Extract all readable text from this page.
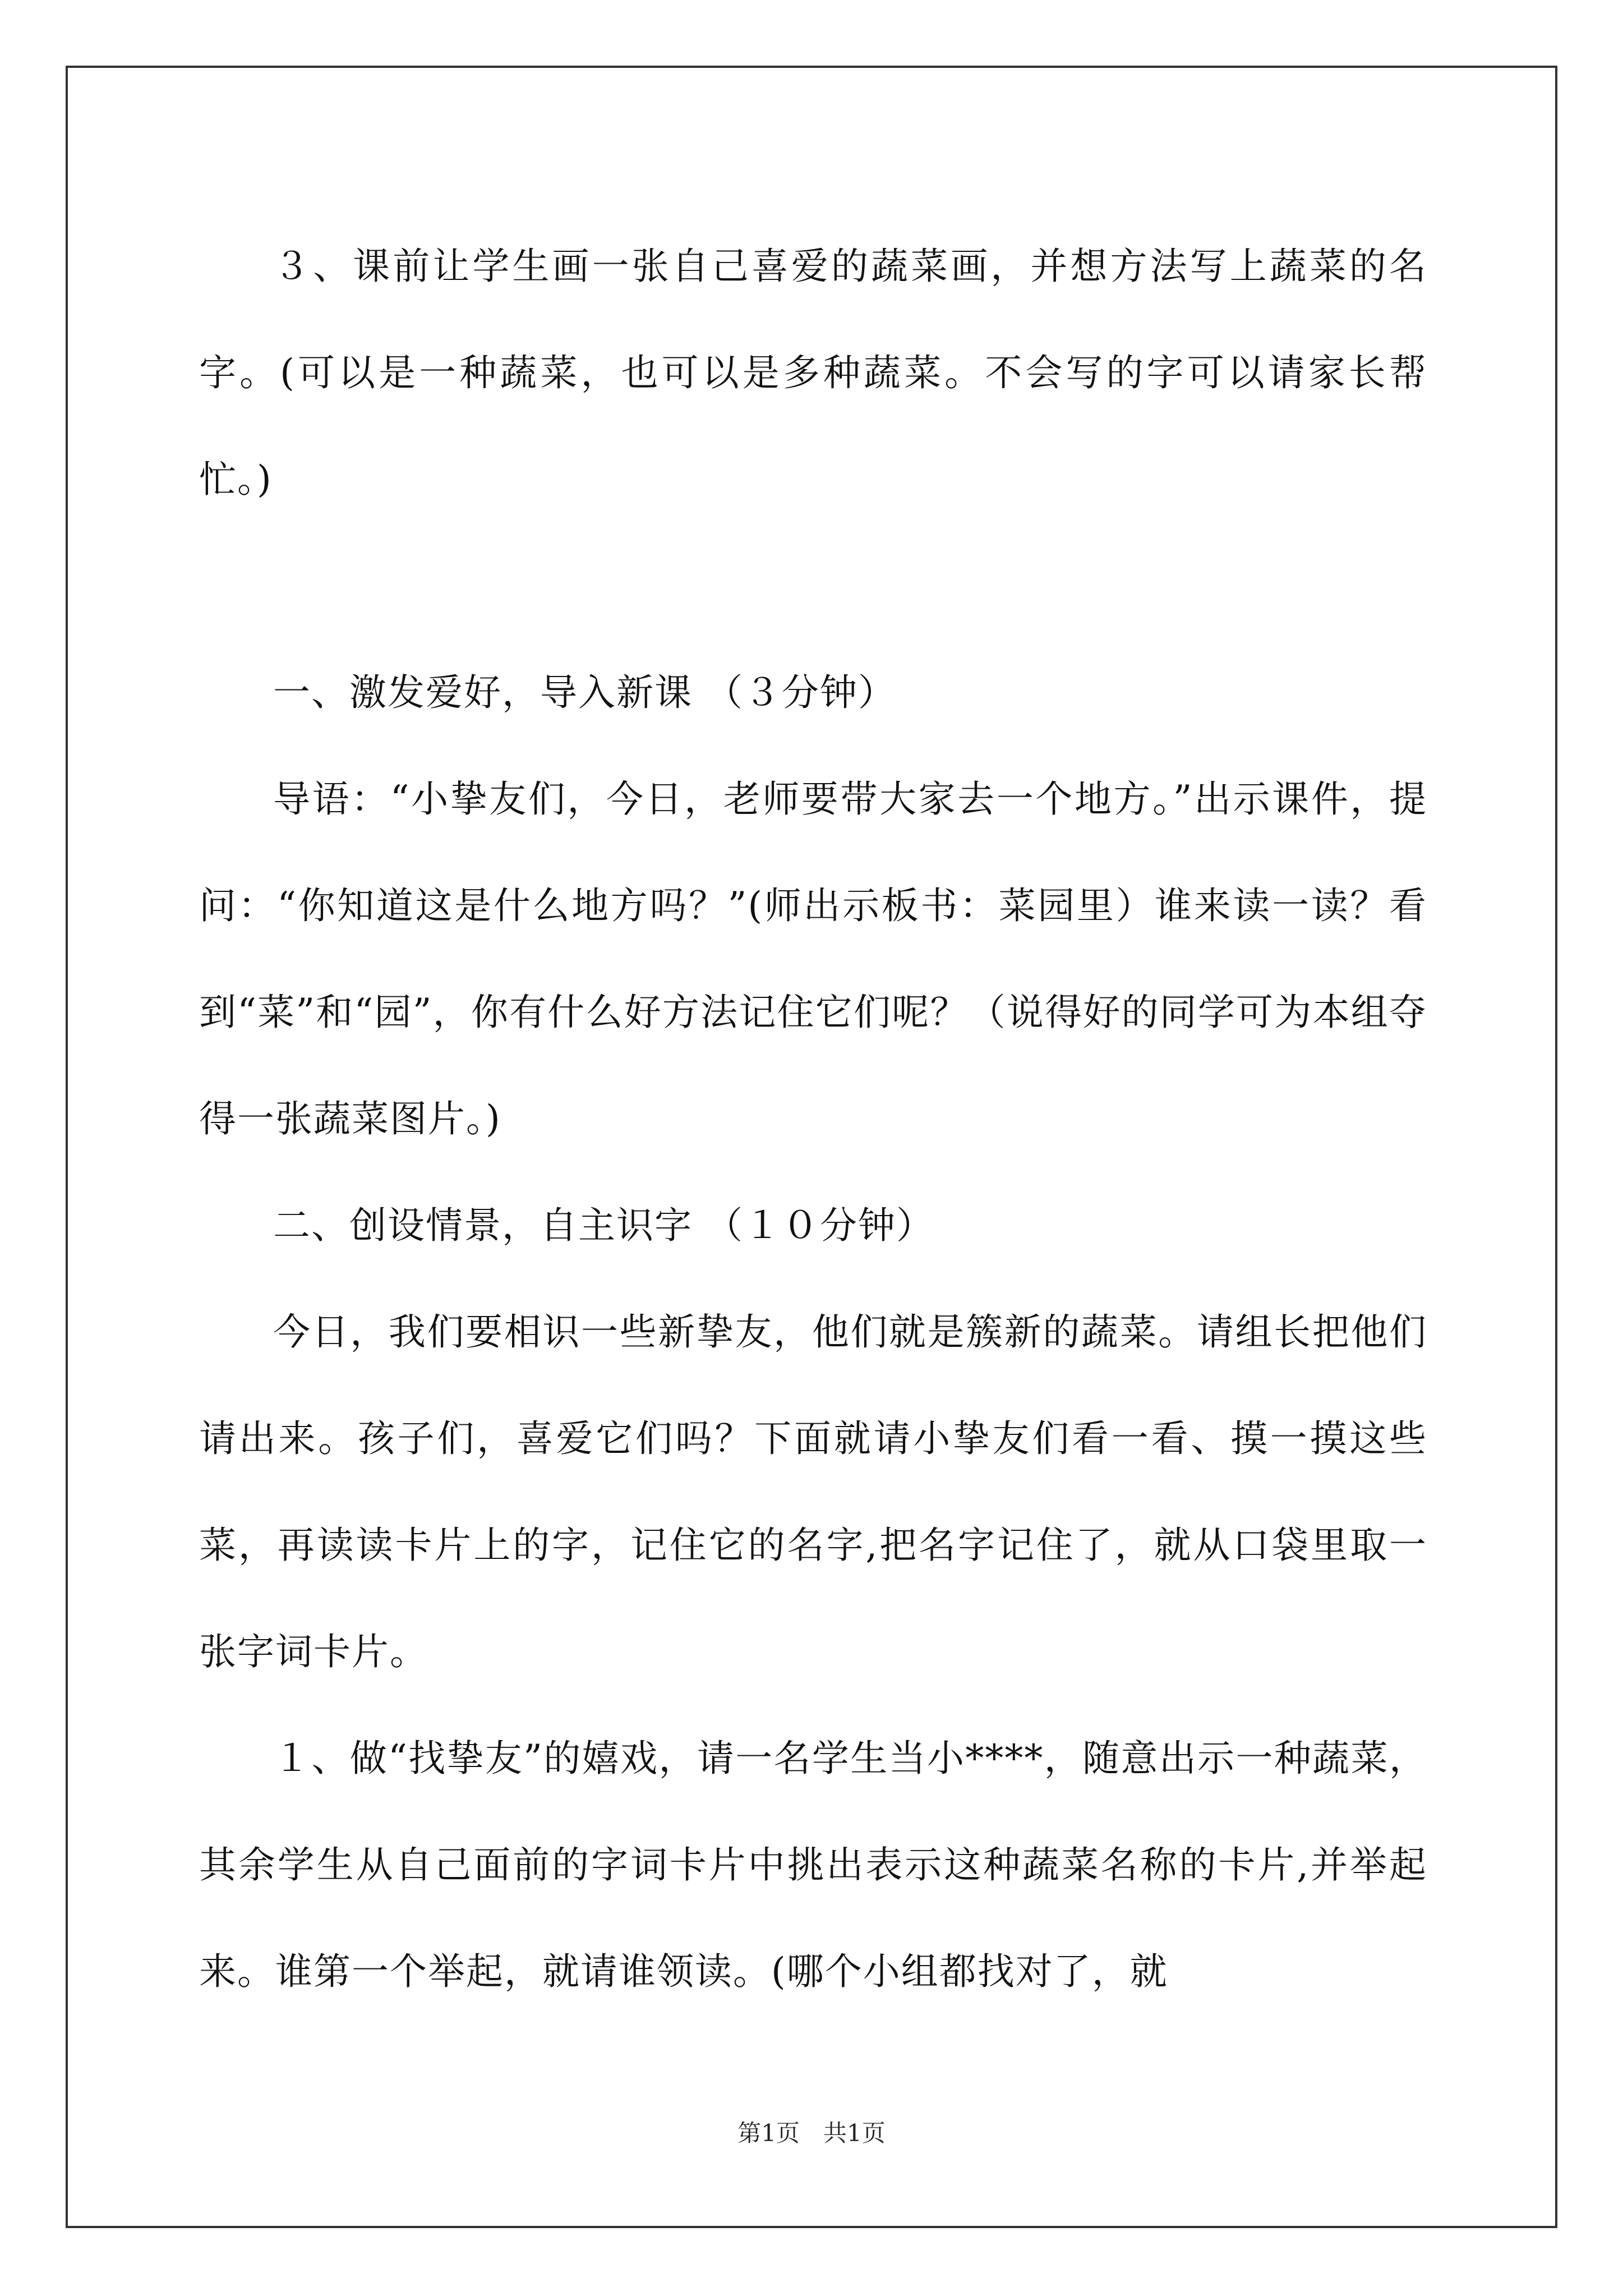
３、课前让学生画一张自己喜爱的蔬菜画，并想方法写上蔬菜的名字。(可以是一种蔬菜，也可以是多种蔬菜。不会写的字可以请家长帮忙。)

一、激发爱好，导入新课 （３分钟）

导语：“小挚友们，今日，老师要带大家去一个地方。”出示课件，提问：“你知道这是什么地方吗？”(师出示板书：菜园里）谁来读一读？看到“菜”和“园”，你有什么好方法记住它们呢？（说得好的同学可为本组夺得一张蔬菜图片。)

二、创设情景，自主识字 （１０分钟）

今日，我们要相识一些新挚友，他们就是簇新的蔬菜。请组长把他们请出来。孩子们，喜爱它们吗？下面就请小挚友们看一看、摸一摸这些菜，再读读卡片上的字，记住它的名字,把名字记住了，就从口袋里取一张字词卡片。

１、做“找挚友”的嬉戏，请一名学生当小****，随意出示一种蔬菜，其余学生从自己面前的字词卡片中挑出表示这种蔬菜名称的卡片,并举起来。谁第一个举起，就请谁领读。(哪个小组都找对了，就

第1页　共1页
